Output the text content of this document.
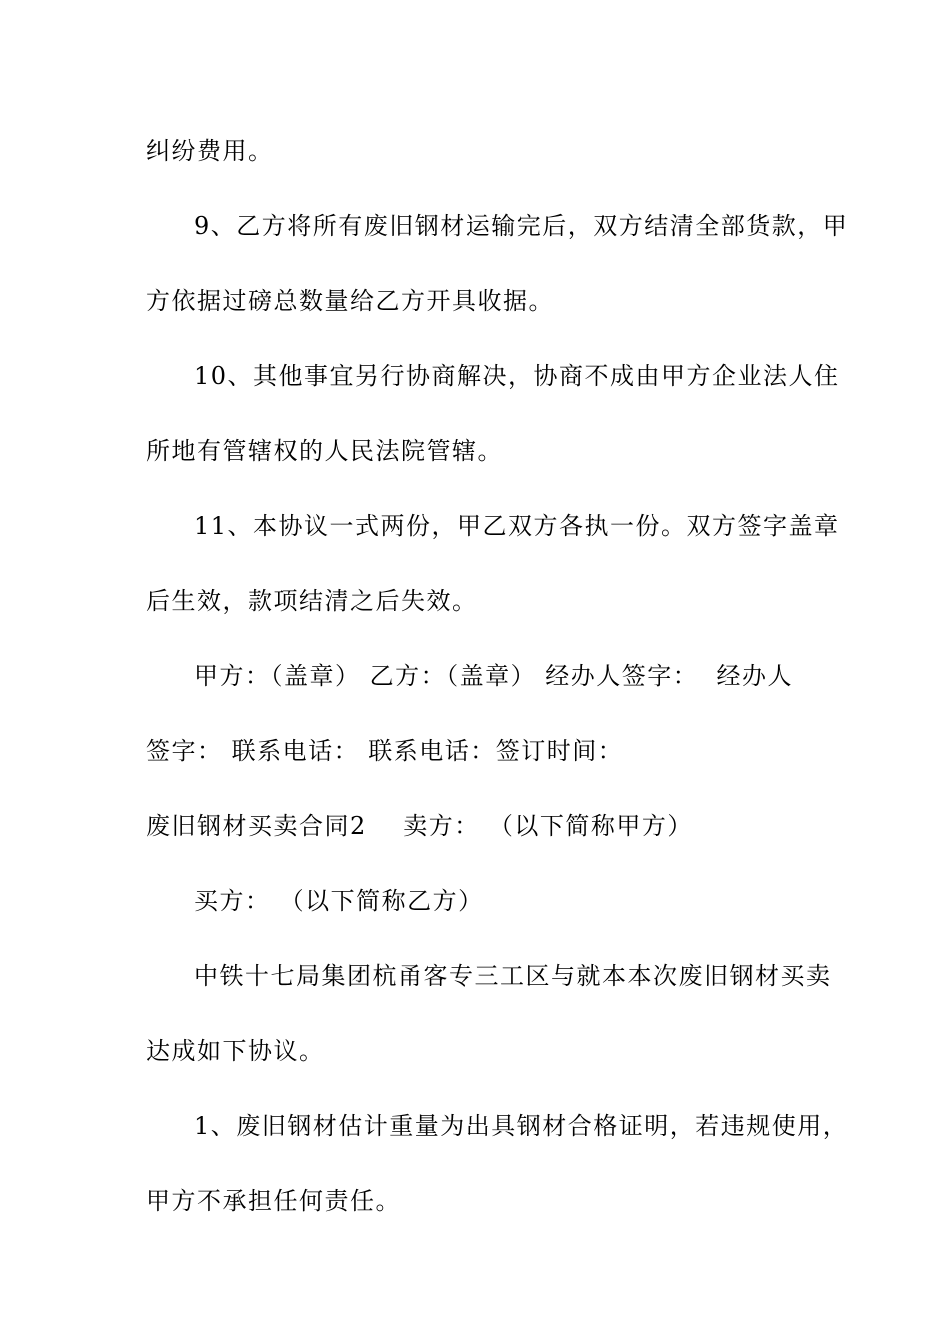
纠纷费用。

9、乙方将所有废旧钢材运输完后，双方结清全部货款，甲

方依据过磅总数量给乙方开具收据。

10、其他事宜另行协商解决，协商不成由甲方企业法人住

所地有管辖权的人民法院管辖。

11、本协议一式两份，甲乙双方各执一份。双方签字盖章

后生效，款项结清之后失效。

甲方：（盖章） 乙方：（盖章） 经办人签字：  经办人

签字： 联系电话： 联系电话：签订时间：

废旧钢材买卖合同2    卖方： （以下简称甲方）

买方： （以下简称乙方）

中铁十七局集团杭甬客专三工区与就本本次废旧钢材买卖

达成如下协议。

1、废旧钢材估计重量为出具钢材合格证明，若违规使用，

甲方不承担任何责任。
